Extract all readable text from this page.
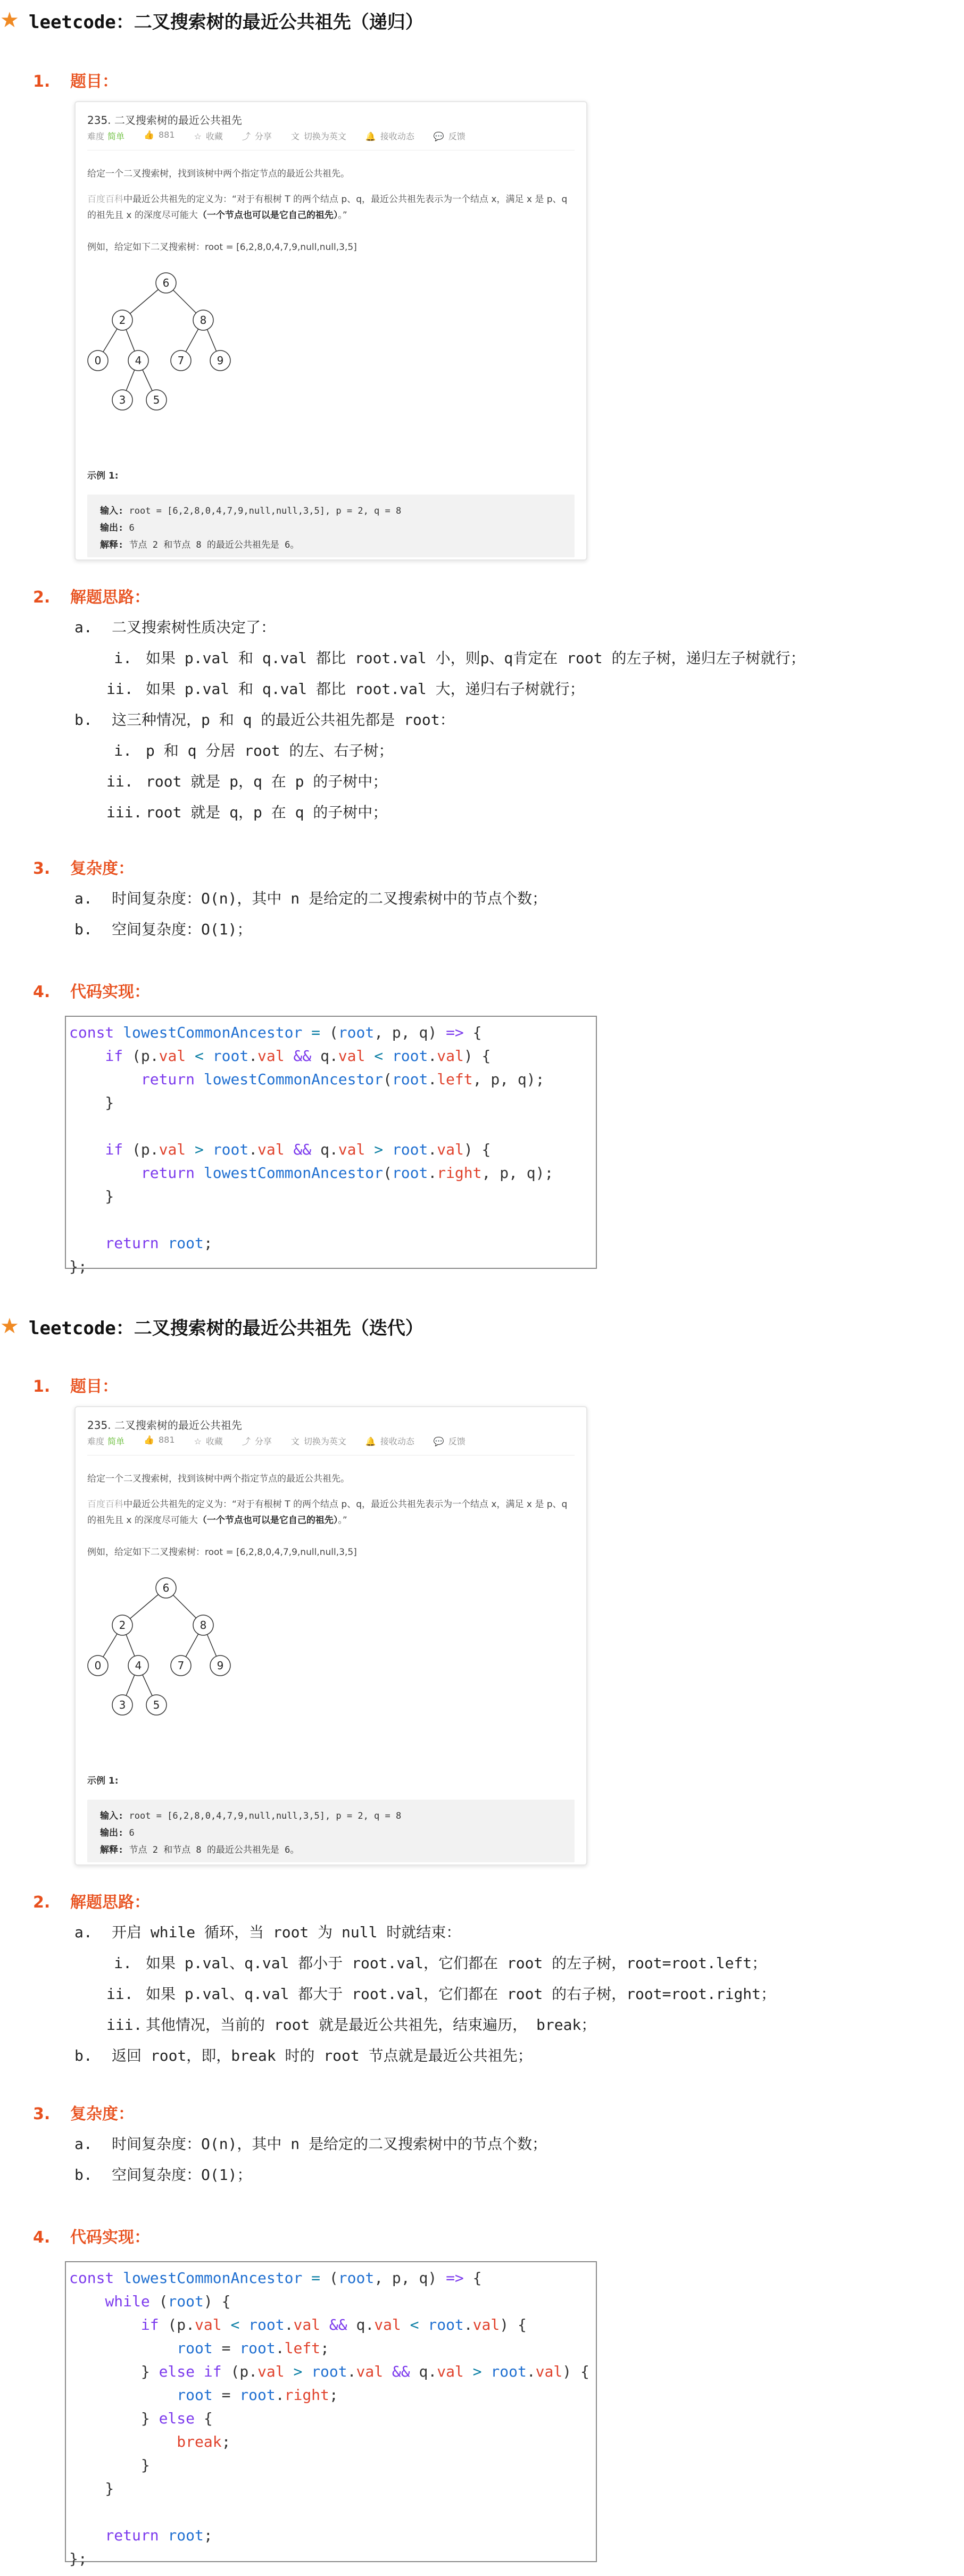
★ leetcode：二叉搜索树的最近公共祖先（递归）
1. 题目：
235. 二叉搜索树的最近公共祖先
难度 简单 👍 881 ☆ 收藏 ⤴ 分享 文 切换为英文 🔔 接收动态 💬 反馈
给定一个二叉搜索树，找到该树中两个指定节点的最近公共祖先。
百度百科中最近公共祖先的定义为：“对于有根树 T 的两个结点 p、q，最近公共祖先表示为一个结点 x，满足 x 是 p、q 的祖先且 x 的深度尽可能大（一个节点也可以是它自己的祖先）。”
例如，给定如下二叉搜索树：root = [6,2,8,0,4,7,9,null,null,3,5]
6
2	8
0	4	7	9
3	5
示例 1:
输入: root = [6,2,8,0,4,7,9,null,null,3,5], p = 2, q = 8
输出: 6
解释: 节点 2 和节点 8 的最近公共祖先是 6。
2. 解题思路：
a. 二叉搜索树性质决定了：
i. 如果 p.val 和 q.val 都比 root.val 小，则p、q肯定在 root 的左子树，递归左子树就行；
ii. 如果 p.val 和 q.val 都比 root.val 大，递归右子树就行；
b. 这三种情况，p 和 q 的最近公共祖先都是 root：
i. p 和 q 分居 root 的左、右子树；
ii. root 就是 p，q 在 p 的子树中；
iii. root 就是 q，p 在 q 的子树中；
3. 复杂度：
a. 时间复杂度：O(n)，其中 n 是给定的二叉搜索树中的节点个数；
b. 空间复杂度：O(1)；
4. 代码实现：
const lowestCommonAncestor = (root, p, q) => {
if (p.val < root.val && q.val < root.val) {
return lowestCommonAncestor(root.left, p, q);
}

if (p.val > root.val && q.val > root.val) {
return lowestCommonAncestor(root.right, p, q);
}

return root;
};
★ leetcode：二叉搜索树的最近公共祖先（迭代）
1. 题目：
235. 二叉搜索树的最近公共祖先
难度 简单 👍 881 ☆ 收藏 ⤴ 分享 文 切换为英文 🔔 接收动态 💬 反馈
给定一个二叉搜索树，找到该树中两个指定节点的最近公共祖先。
百度百科中最近公共祖先的定义为：“对于有根树 T 的两个结点 p、q，最近公共祖先表示为一个结点 x，满足 x 是 p、q 的祖先且 x 的深度尽可能大（一个节点也可以是它自己的祖先）。”
例如，给定如下二叉搜索树：root = [6,2,8,0,4,7,9,null,null,3,5]
6
2	8
0	4	7	9
3	5
示例 1:
输入: root = [6,2,8,0,4,7,9,null,null,3,5], p = 2, q = 8
输出: 6
解释: 节点 2 和节点 8 的最近公共祖先是 6。
2. 解题思路：
a. 开启 while 循环，当 root 为 null 时就结束：
i. 如果 p.val、q.val 都小于 root.val，它们都在 root 的左子树，root=root.left；
ii. 如果 p.val、q.val 都大于 root.val，它们都在 root 的右子树，root=root.right；
iii. 其他情况，当前的 root 就是最近公共祖先，结束遍历， break；
b. 返回 root，即，break 时的 root 节点就是最近公共祖先；
3. 复杂度：
a. 时间复杂度：O(n)，其中 n 是给定的二叉搜索树中的节点个数；
b. 空间复杂度：O(1)；
4. 代码实现：
const lowestCommonAncestor = (root, p, q) => {
while (root) {
if (p.val < root.val && q.val < root.val) {
root = root.left;
} else if (p.val > root.val && q.val > root.val) {
root = root.right;
} else {
break;
}
}

return root;
};
